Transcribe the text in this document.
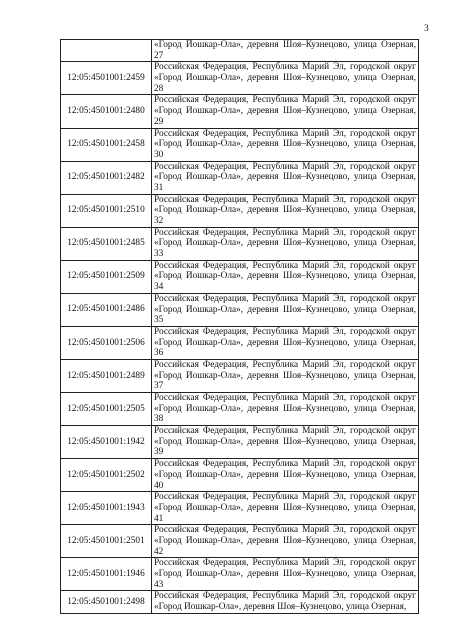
3

	«Город Йошкар-Ола», деревня Шоя–Кузнецово, улица Озерная,
27

12:05:4501001:2459	Российская Федерация, Республика Марий Эл, городской округ
«Город Йошкар-Ола», деревня Шоя–Кузнецово, улица Озерная,
28

12:05:4501001:2480	Российская Федерация, Республика Марий Эл, городской округ
«Город Йошкар-Ола», деревня Шоя–Кузнецово, улица Озерная,
29

12:05:4501001:2458	Российская Федерация, Республика Марий Эл, городской округ
«Город Йошкар-Ола», деревня Шоя–Кузнецово, улица Озерная,
30

12:05:4501001:2482	Российская Федерация, Республика Марий Эл, городской округ
«Город Йошкар-Ола», деревня Шоя–Кузнецово, улица Озерная,
31

12:05:4501001:2510	Российская Федерация, Республика Марий Эл, городской округ
«Город Йошкар-Ола», деревня Шоя–Кузнецово, улица Озерная,
32

12:05:4501001:2485	Российская Федерация, Республика Марий Эл, городской округ
«Город Йошкар-Ола», деревня Шоя–Кузнецово, улица Озерная,
33

12:05:4501001:2509	Российская Федерация, Республика Марий Эл, городской округ
«Город Йошкар-Ола», деревня Шоя–Кузнецово, улица Озерная,
34

12:05:4501001:2486	Российская Федерация, Республика Марий Эл, городской округ
«Город Йошкар-Ола», деревня Шоя–Кузнецово, улица Озерная,
35

12:05:4501001:2506	Российская Федерация, Республика Марий Эл, городской округ
«Город Йошкар-Ола», деревня Шоя–Кузнецово, улица Озерная,
36

12:05:4501001:2489	Российская Федерация, Республика Марий Эл, городской округ
«Город Йошкар-Ола», деревня Шоя–Кузнецово, улица Озерная,
37

12:05:4501001:2505	Российская Федерация, Республика Марий Эл, городской округ
«Город Йошкар-Ола», деревня Шоя–Кузнецово, улица Озерная,
38

12:05:4501001:1942	Российская Федерация, Республика Марий Эл, городской округ
«Город Йошкар-Ола», деревня Шоя–Кузнецово, улица Озерная,
39

12:05:4501001:2502	Российская Федерация, Республика Марий Эл, городской округ
«Город Йошкар-Ола», деревня Шоя–Кузнецово, улица Озерная,
40

12:05:4501001:1943	Российская Федерация, Республика Марий Эл, городской округ
«Город Йошкар-Ола», деревня Шоя–Кузнецово, улица Озерная,
41

12:05:4501001:2501	Российская Федерация, Республика Марий Эл, городской округ
«Город Йошкар-Ола», деревня Шоя–Кузнецово, улица Озерная,
42

12:05:4501001:1946	Российская Федерация, Республика Марий Эл, городской округ
«Город Йошкар-Ола», деревня Шоя–Кузнецово, улица Озерная,
43

12:05:4501001:2498	Российская Федерация, Республика Марий Эл, городской округ
«Город Йошкар-Ола», деревня Шоя–Кузнецово, улица Озерная,
